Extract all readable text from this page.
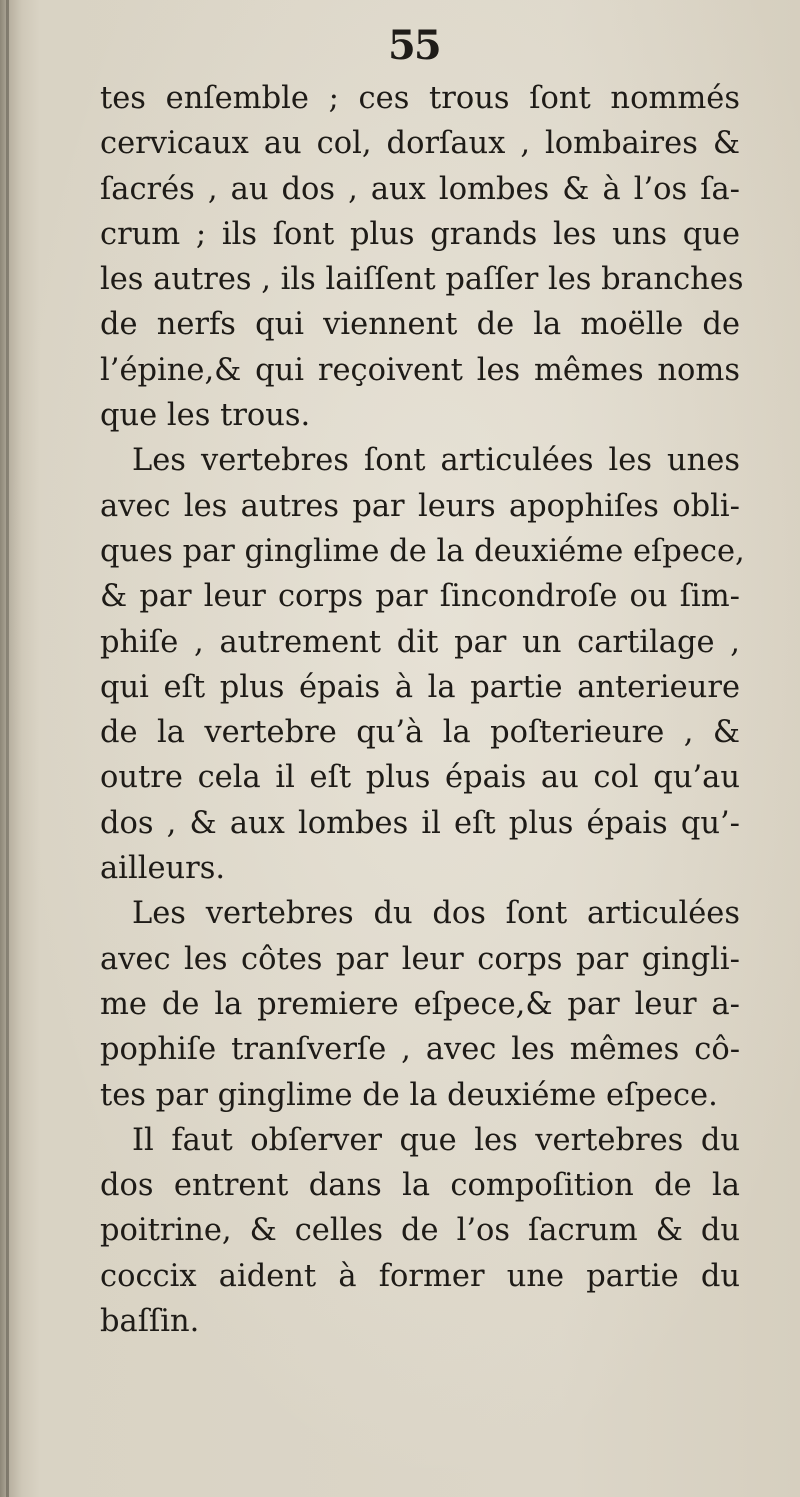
55
tes enſemble ; ces trous ſont nommés
cervicaux au col, dorſaux , lombaires &
ſacrés , au dos , aux lombes & à l’os ſa-
crum ; ils ſont plus grands les uns que
les autres , ils laiſſent paſſer les branches
de nerfs qui viennent de la moëlle de
l’épine,& qui reçoivent les mêmes noms
que les trous.
Les vertebres ſont articulées les unes
avec les autres par leurs apophiſes obli-
ques par ginglime de la deuxiéme eſpece,
& par leur corps par ſincondroſe ou ſim-
phiſe , autrement dit par un cartilage ,
qui eſt plus épais à la partie anterieure
de la vertebre qu’à la poſterieure , &
outre cela il eſt plus épais au col qu’au
dos , & aux lombes il eſt plus épais qu’-
ailleurs.
Les vertebres du dos ſont articulées
avec les côtes par leur corps par gingli-
me de la premiere eſpece,& par leur a-
pophiſe tranſverſe , avec les mêmes cô-
tes par ginglime de la deuxiéme eſpece.
Il faut obſerver que les vertebres du
dos entrent dans la compoſition de la
poitrine, & celles de l’os ſacrum & du
coccix aident à former une partie du
baſſin.
